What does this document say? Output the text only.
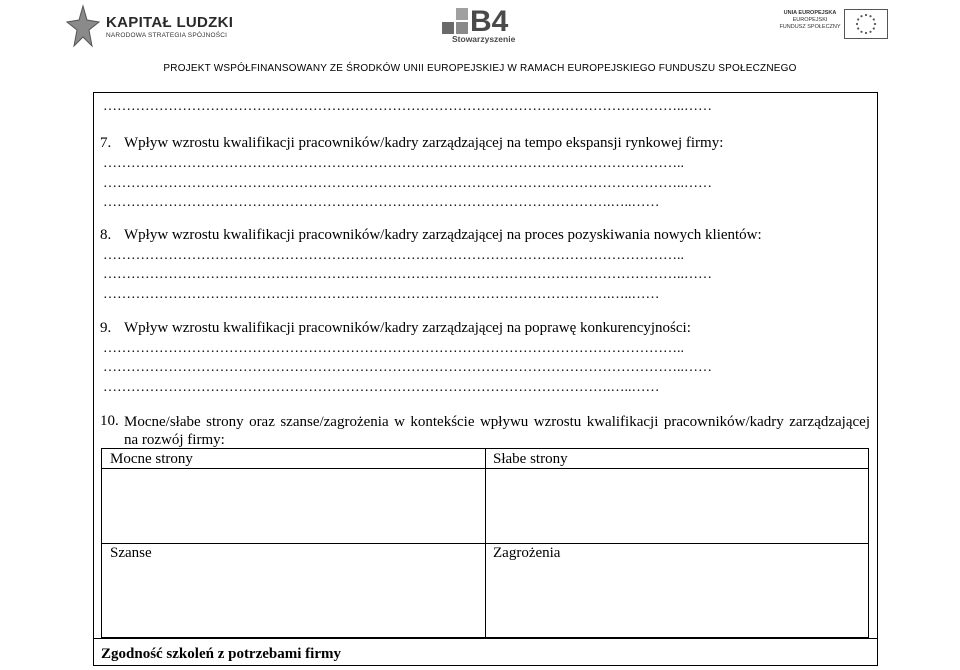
KAPITAŁ LUDZKI
NARODOWA STRATEGIA SPÓJNOŚCI	B4
Stowarzyszenie
UNIA EUROPEJSKA
EUROPEJSKI
FUNDUSZ SPOŁECZNY
PROJEKT WSPÓŁFINANSOWANY ZE ŚRODKÓW UNII EUROPEJSKIEJ W RAMACH EUROPEJSKIEGO FUNDUSZU SPOŁECZNEGO
……………………………………………………………………………………………………………..……
7. Wpływ wzrostu kwalifikacji pracowników/kadry zarządzającej na tempo ekspansji rynkowej firmy:
……………………………………………………………………………………………………………..
……………………………………………………………………………………………………………..……
……………………………………………………………………………………………….…..……
8. Wpływ wzrostu kwalifikacji pracowników/kadry zarządzającej na proces pozyskiwania nowych klientów:
……………………………………………………………………………………………………………..
……………………………………………………………………………………………………………..……
……………………………………………………………………………………………….…..……
9. Wpływ wzrostu kwalifikacji pracowników/kadry zarządzającej na poprawę konkurencyjności:
……………………………………………………………………………………………………………..
……………………………………………………………………………………………………………..……
……………………………………………………………………………………………….…..……
10. Mocne/słabe strony oraz szanse/zagrożenia w kontekście wpływu wzrostu kwalifikacji pracowników/kadry zarządzającej na rozwój firmy:
Mocne strony	Słabe strony
Szanse	Zagrożenia
Zgodność szkoleń z potrzebami firmy
